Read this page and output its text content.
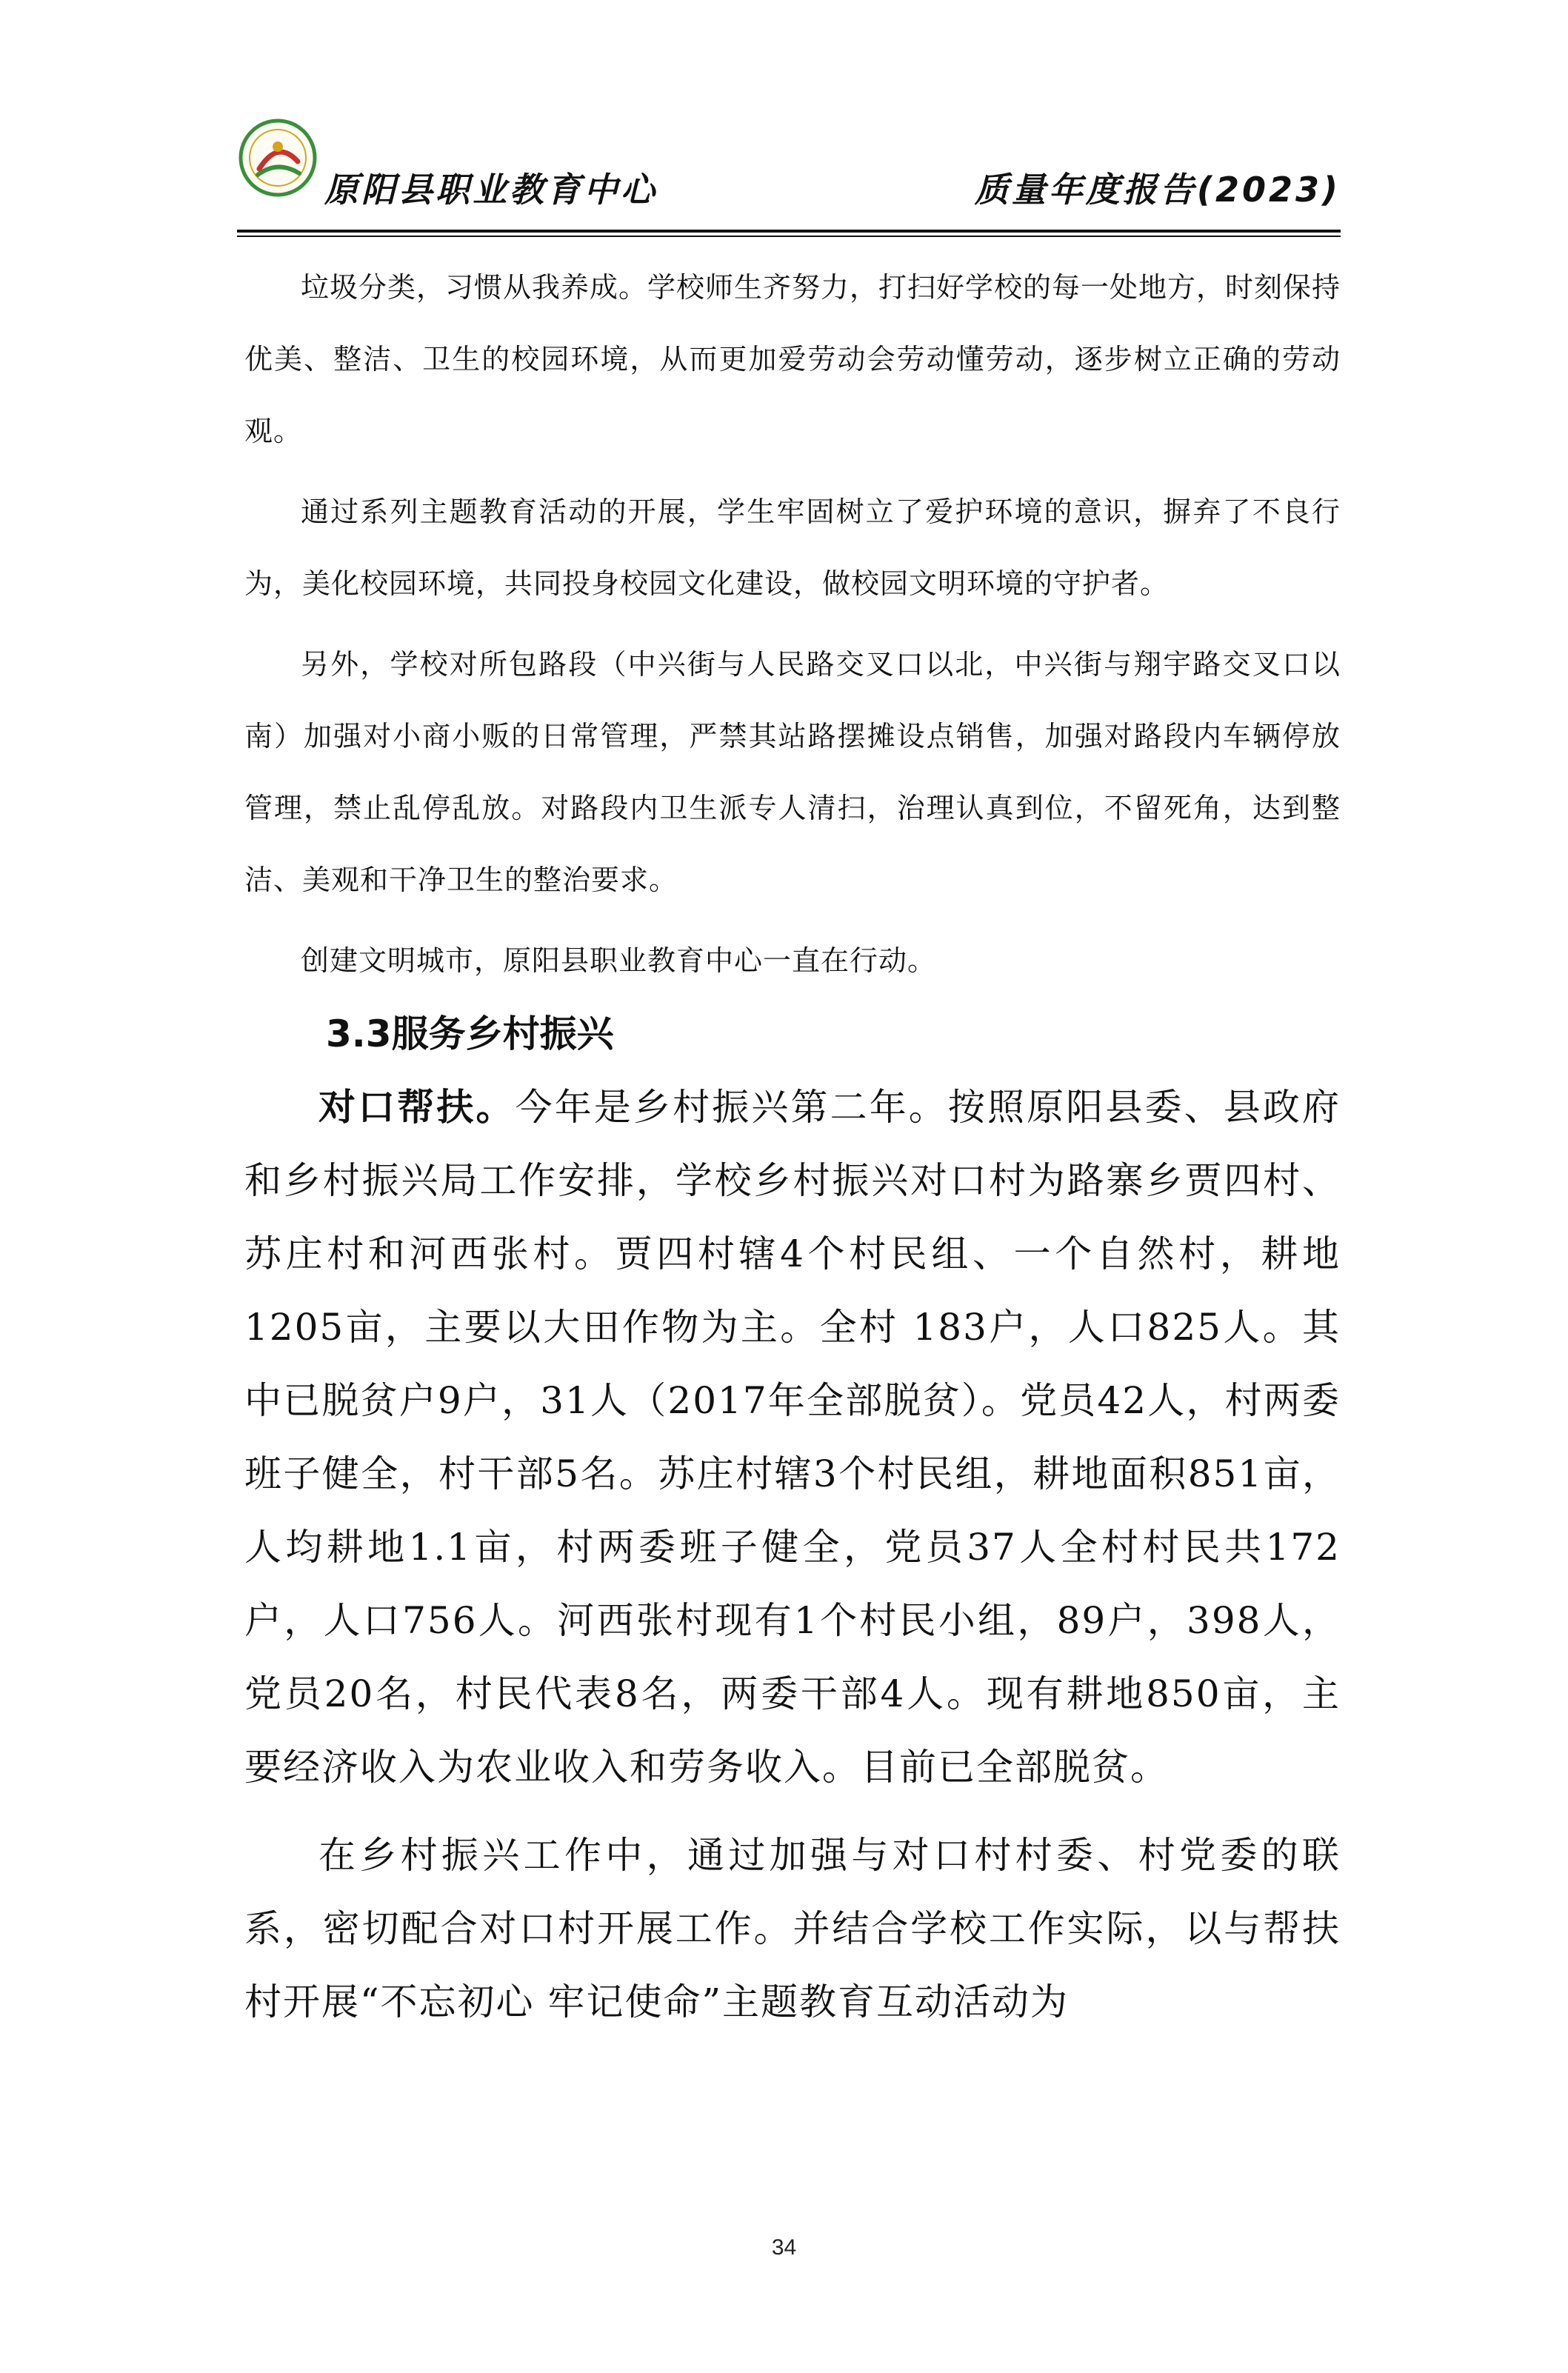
原阳县职业教育中心	质量年度报告(2023)

垃圾分类，习惯从我养成。学校师生齐努力，打扫好学校的每一处地方，时刻保持优美、整洁、卫生的校园环境，从而更加爱劳动会劳动懂劳动，逐步树立正确的劳动观。

通过系列主题教育活动的开展，学生牢固树立了爱护环境的意识，摒弃了不良行为，美化校园环境，共同投身校园文化建设，做校园文明环境的守护者。

另外，学校对所包路段（中兴街与人民路交叉口以北，中兴街与翔宇路交叉口以南）加强对小商小贩的日常管理，严禁其站路摆摊设点销售，加强对路段内车辆停放管理，禁止乱停乱放。对路段内卫生派专人清扫，治理认真到位，不留死角，达到整洁、美观和干净卫生的整治要求。

创建文明城市，原阳县职业教育中心一直在行动。

3.3服务乡村振兴

对口帮扶。今年是乡村振兴第二年。按照原阳县委、县政府和乡村振兴局工作安排，学校乡村振兴对口村为路寨乡贾四村、苏庄村和河西张村。贾四村辖4个村民组、一个自然村，耕地1205亩，主要以大田作物为主。全村 183户，人口825人。其中已脱贫户9户，31人（2017年全部脱贫）。党员42人，村两委班子健全，村干部5名。苏庄村辖3个村民组，耕地面积851亩，人均耕地1.1亩，村两委班子健全，党员37人全村村民共172户，人口756人。河西张村现有1个村民小组，89户，398人，党员20名，村民代表8名，两委干部4人。现有耕地850亩，主要经济收入为农业收入和劳务收入。目前已全部脱贫。

在乡村振兴工作中，通过加强与对口村村委、村党委的联系，密切配合对口村开展工作。并结合学校工作实际，以与帮扶村开展“不忘初心 牢记使命”主题教育互动活动为

34
